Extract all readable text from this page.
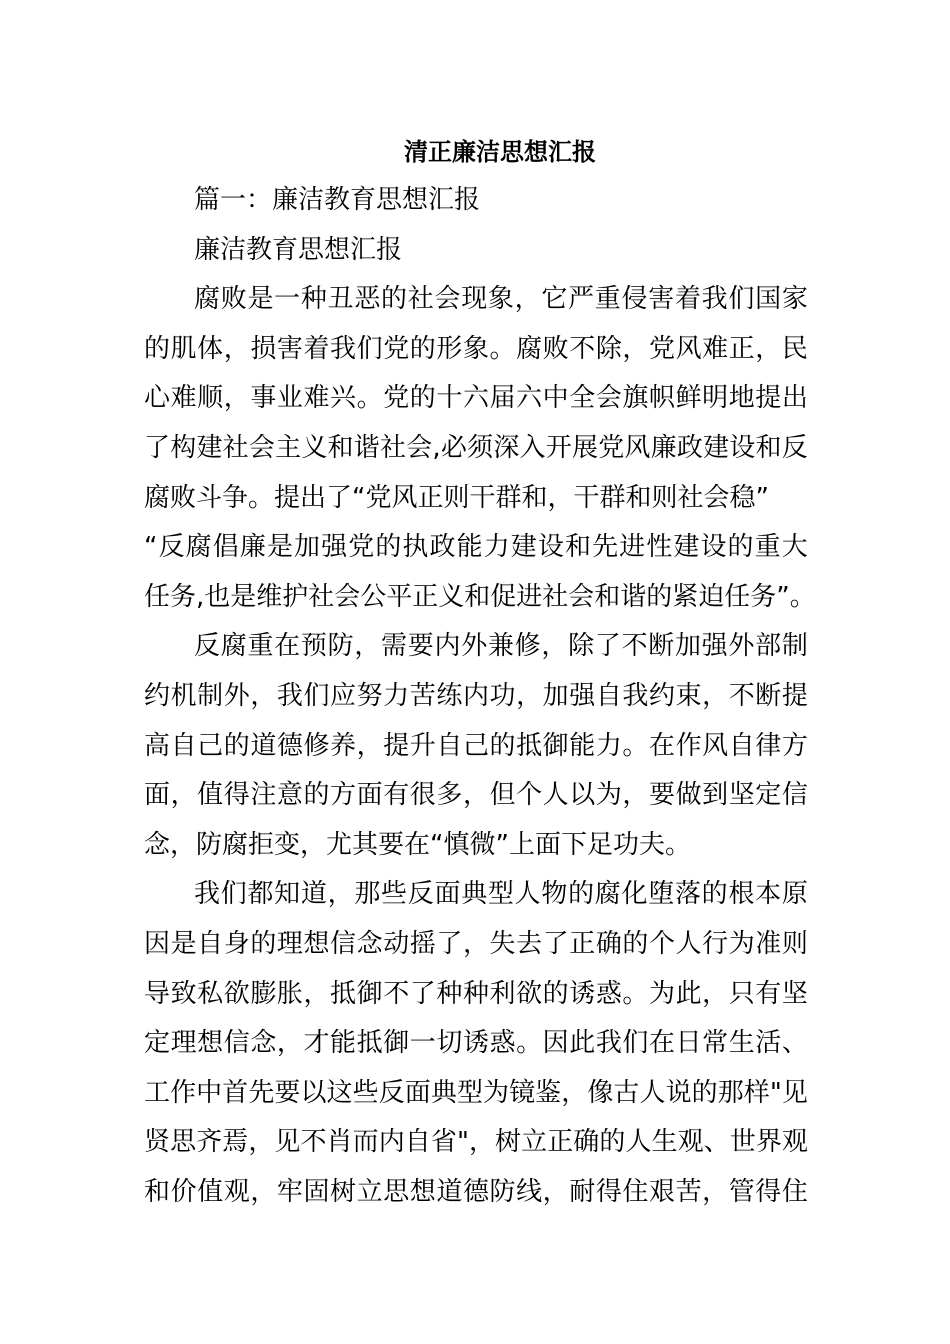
清正廉洁思想汇报

篇一：廉洁教育思想汇报

廉洁教育思想汇报

腐 败 是 一 种 丑 恶 的 社 会 现 象 ， 它 严 重 侵 害 着 我 们 国 家

的 肌 体 ， 损 害 着 我 们 党 的 形 象 。 腐 败 不 除 ， 党 风 难 正 ， 民

心 难 顺 ， 事 业 难 兴 。 党 的 十 六 届 六 中 全 会 旗 帜 鲜 明 地 提 出

了 构 建 社 会 主 义 和 谐 社 会 , 必 须 深 入 开 展 党 风 廉 政 建 设 和 反

腐败斗争。提出了“党风正则干群和，干群和则社会稳”

“ 反 腐 倡 廉 是 加 强 党 的 执 政 能 力 建 设 和 先 进 性 建 设 的 重 大

任务,也是维护社会公平正义和促进社会和谐的紧迫任务”。

反 腐 重 在 预 防 ， 需 要 内 外 兼 修 ， 除 了 不 断 加 强 外 部 制

约 机 制 外 ， 我 们 应 努 力 苦 练 内 功 ， 加 强 自 我 约 束 ， 不 断 提

高 自 己 的 道 德 修 养 ， 提 升 自 己 的 抵 御 能 力 。 在 作 风 自 律 方

面 ， 值 得 注 意 的 方 面 有 很 多 ， 但 个 人 以 为 ， 要 做 到 坚 定 信

念，防腐拒变，尤其要在“慎微”上面下足功夫。

我 们 都 知 道 ， 那 些 反 面 典 型 人 物 的 腐 化 堕 落 的 根 本 原

因 是 自 身 的 理 想 信 念 动 摇 了 ， 失 去 了 正 确 的 个 人 行 为 准 则

导 致 私 欲 膨 胀 ， 抵 御 不 了 种 种 利 欲 的 诱 惑 。 为 此 ， 只 有 坚

定 理 想 信 念 ， 才 能 抵 御 一 切 诱 惑 。 因 此 我 们 在 日 常 生 活 、

工 作 中 首 先 要 以 这 些 反 面 典 型 为 镜 鉴 ， 像 古 人 说 的 那 样 " 见

贤 思 齐 焉 ， 见 不 肖 而 内 自 省 " ， 树 立 正 确 的 人 生 观 、 世 界 观

和 价 值 观 ， 牢 固 树 立 思 想 道 德 防 线 ， 耐 得 住 艰 苦 ， 管 得 住
